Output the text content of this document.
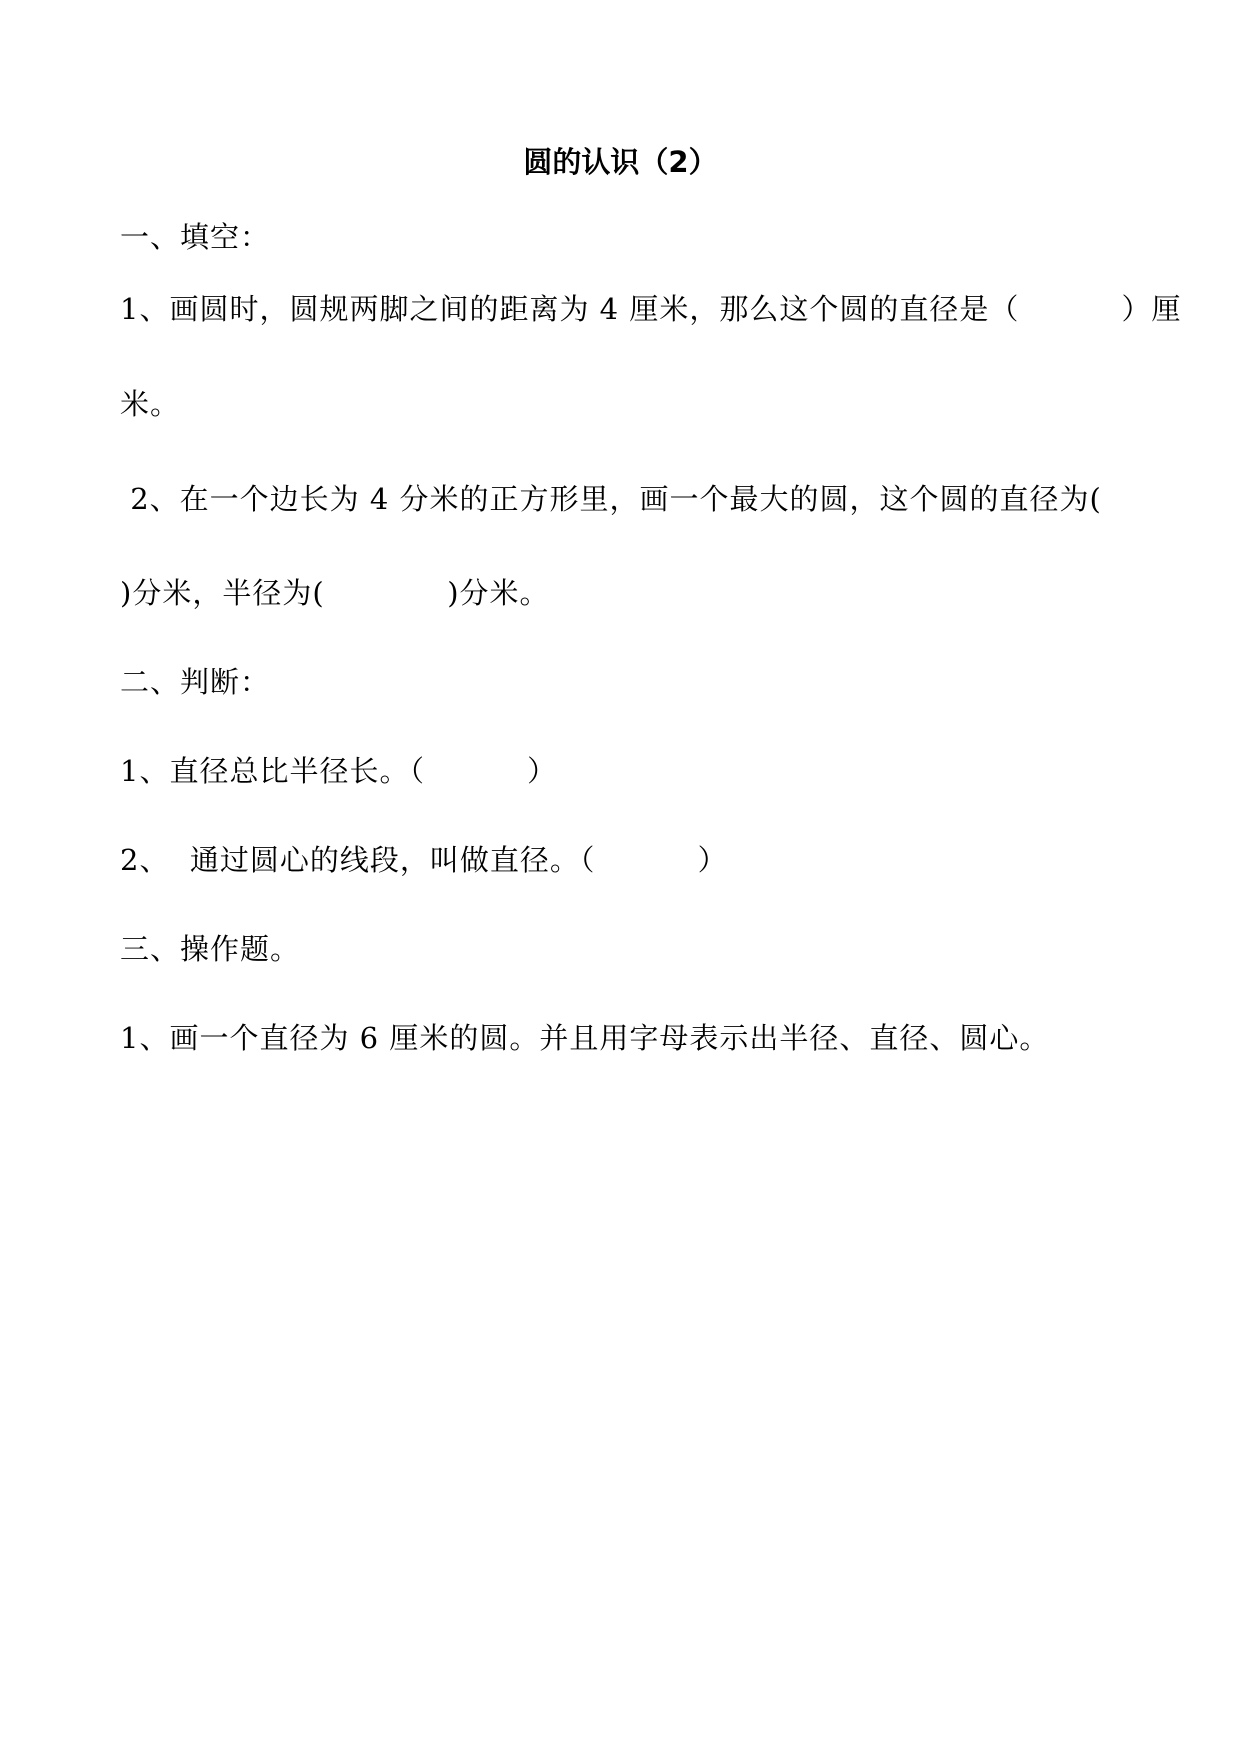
圆的认识（2）
一、填空：
1、画圆时，圆规两脚之间的距离为 4 厘米，那么这个圆的直径是（          ）厘
米。
2、在一个边长为 4 分米的正方形里，画一个最大的圆，这个圆的直径为(
)分米，半径为(            )分米。
二、判断：
1、直径总比半径长。（          ）
2、  通过圆心的线段，叫做直径。（          ）
三、操作题。
1、画一个直径为 6 厘米的圆。并且用字母表示出半径、直径、圆心。
